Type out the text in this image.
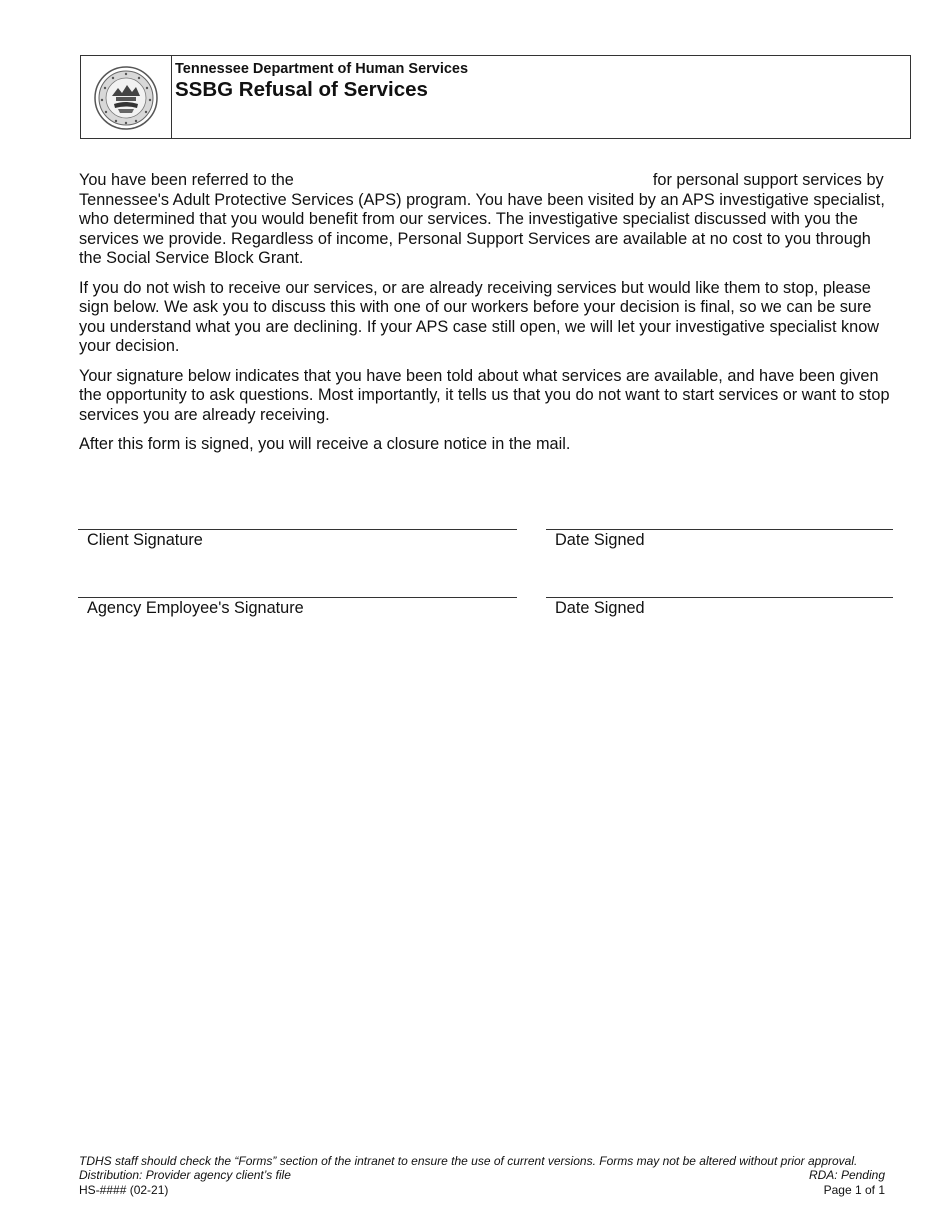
Tennessee Department of Human Services
SSBG Refusal of Services

You have been referred to the	for personal support services by Tennessee's Adult Protective Services (APS) program. You have been visited by an APS investigative specialist, who determined that you would benefit from our services. The investigative specialist discussed with you the services we provide. Regardless of income, Personal Support Services are available at no cost to you through the Social Service Block Grant.

If you do not wish to receive our services, or are already receiving services but would like them to stop, please sign below. We ask you to discuss this with one of our workers before your decision is final, so we can be sure you understand what you are declining. If your APS case still open, we will let your investigative specialist know your decision.

Your signature below indicates that you have been told about what services are available, and have been given the opportunity to ask questions. Most importantly, it tells us that you do not want to start services or want to stop services you are already receiving.

After this form is signed, you will receive a closure notice in the mail.

Client Signature	Date Signed
Agency Employee's Signature	Date Signed
TDHS staff should check the “Forms” section of the intranet to ensure the use of current versions. Forms may not be altered without prior approval.
Distribution: Provider agency client’s file	RDA: Pending
HS-#### (02-21)	Page 1 of 1
